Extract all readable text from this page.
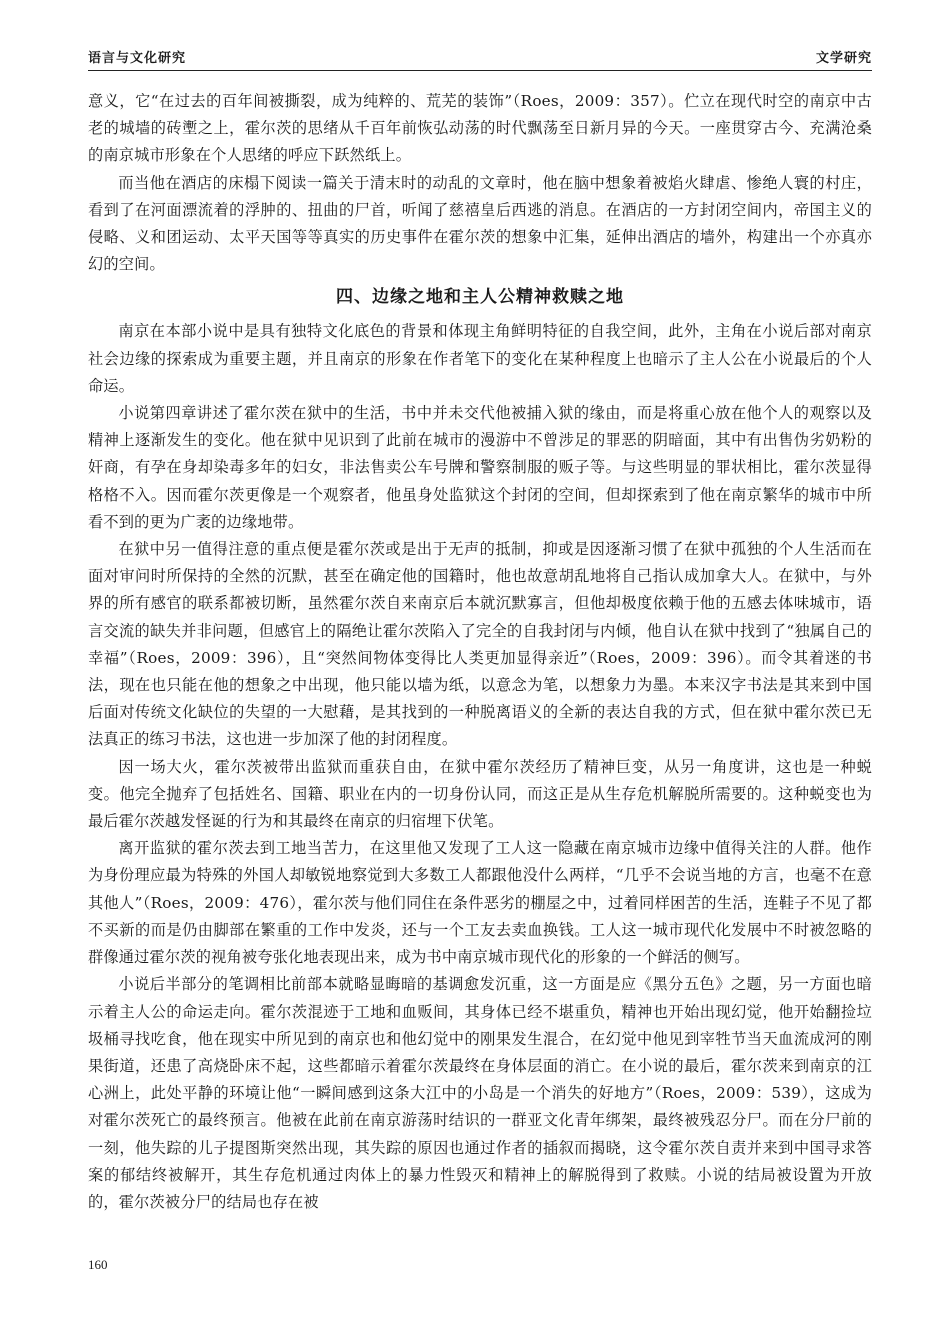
语言与文化研究	文学研究

意义，它“在过去的百年间被撕裂，成为纯粹的、荒芜的装饰”（Roes，2009：357）。伫立在现代时空的南京中古老的城墙的砖壍之上，霍尔茨的思绪从千百年前恢弘动荡的时代飘荡至日新月异的今天。一座贯穿古今、充满沧桑的南京城市形象在个人思绪的呼应下跃然纸上。

而当他在酒店的床榻下阅读一篇关于清末时的动乱的文章时，他在脑中想象着被焰火肆虐、惨绝人寰的村庄，看到了在河面漂流着的浮肿的、扭曲的尸首，听闻了慈禧皇后西逃的消息。在酒店的一方封闭空间内，帝国主义的侵略、义和团运动、太平天国等等真实的历史事件在霍尔茨的想象中汇集，延伸出酒店的墙外，构建出一个亦真亦幻的空间。

四、边缘之地和主人公精神救赎之地

南京在本部小说中是具有独特文化底色的背景和体现主角鲜明特征的自我空间，此外，主角在小说后部对南京社会边缘的探索成为重要主题，并且南京的形象在作者笔下的变化在某种程度上也暗示了主人公在小说最后的个人命运。

小说第四章讲述了霍尔茨在狱中的生活，书中并未交代他被捕入狱的缘由，而是将重心放在他个人的观察以及精神上逐渐发生的变化。他在狱中见识到了此前在城市的漫游中不曾涉足的罪恶的阴暗面，其中有出售伪劣奶粉的奸商，有孕在身却染毒多年的妇女，非法售卖公车号牌和警察制服的贩子等。与这些明显的罪状相比，霍尔茨显得格格不入。因而霍尔茨更像是一个观察者，他虽身处监狱这个封闭的空间，但却探索到了他在南京繁华的城市中所看不到的更为广袤的边缘地带。

在狱中另一值得注意的重点便是霍尔茨或是出于无声的抵制，抑或是因逐渐习惯了在狱中孤独的个人生活而在面对审问时所保持的全然的沉默，甚至在确定他的国籍时，他也故意胡乱地将自己指认成加拿大人。在狱中，与外界的所有感官的联系都被切断，虽然霍尔茨自来南京后本就沉默寡言，但他却极度依赖于他的五感去体味城市，语言交流的缺失并非问题，但感官上的隔绝让霍尔茨陷入了完全的自我封闭与内倾，他自认在狱中找到了“独属自己的幸福”（Roes，2009：396），且“突然间物体变得比人类更加显得亲近”（Roes，2009：396）。而令其着迷的书法，现在也只能在他的想象之中出现，他只能以墙为纸，以意念为笔，以想象力为墨。本来汉字书法是其来到中国后面对传统文化缺位的失望的一大慰藉，是其找到的一种脱离语义的全新的表达自我的方式，但在狱中霍尔茨已无法真正的练习书法，这也进一步加深了他的封闭程度。

因一场大火，霍尔茨被带出监狱而重获自由，在狱中霍尔茨经历了精神巨变，从另一角度讲，这也是一种蜕变。他完全抛弃了包括姓名、国籍、职业在内的一切身份认同，而这正是从生存危机解脱所需要的。这种蜕变也为最后霍尔茨越发怪诞的行为和其最终在南京的归宿埋下伏笔。

离开监狱的霍尔茨去到工地当苦力，在这里他又发现了工人这一隐藏在南京城市边缘中值得关注的人群。他作为身份理应最为特殊的外国人却敏锐地察觉到大多数工人都跟他没什么两样，“几乎不会说当地的方言，也毫不在意其他人”（Roes，2009：476），霍尔茨与他们同住在条件恶劣的棚屋之中，过着同样困苦的生活，连鞋子不见了都不买新的而是仍由脚部在繁重的工作中发炎，还与一个工友去卖血换钱。工人这一城市现代化发展中不时被忽略的群像通过霍尔茨的视角被夸张化地表现出来，成为书中南京城市现代化的形象的一个鲜活的侧写。

小说后半部分的笔调相比前部本就略显晦暗的基调愈发沉重，这一方面是应《黑分五色》之题，另一方面也暗示着主人公的命运走向。霍尔茨混迹于工地和血贩间，其身体已经不堪重负，精神也开始出现幻觉，他开始翻捡垃圾桶寻找吃食，他在现实中所见到的南京也和他幻觉中的刚果发生混合，在幻觉中他见到宰牲节当天血流成河的刚果街道，还患了高烧卧床不起，这些都暗示着霍尔茨最终在身体层面的消亡。在小说的最后，霍尔茨来到南京的江心洲上，此处平静的环境让他“一瞬间感到这条大江中的小岛是一个消失的好地方”（Roes，2009：539），这成为对霍尔茨死亡的最终预言。他被在此前在南京游荡时结识的一群亚文化青年绑架，最终被残忍分尸。而在分尸前的一刻，他失踪的儿子提图斯突然出现，其失踪的原因也通过作者的插叙而揭晓，这令霍尔茨自责并来到中国寻求答案的郁结终被解开，其生存危机通过肉体上的暴力性毁灭和精神上的解脱得到了救赎。小说的结局被设置为开放的，霍尔茨被分尸的结局也存在被

160
